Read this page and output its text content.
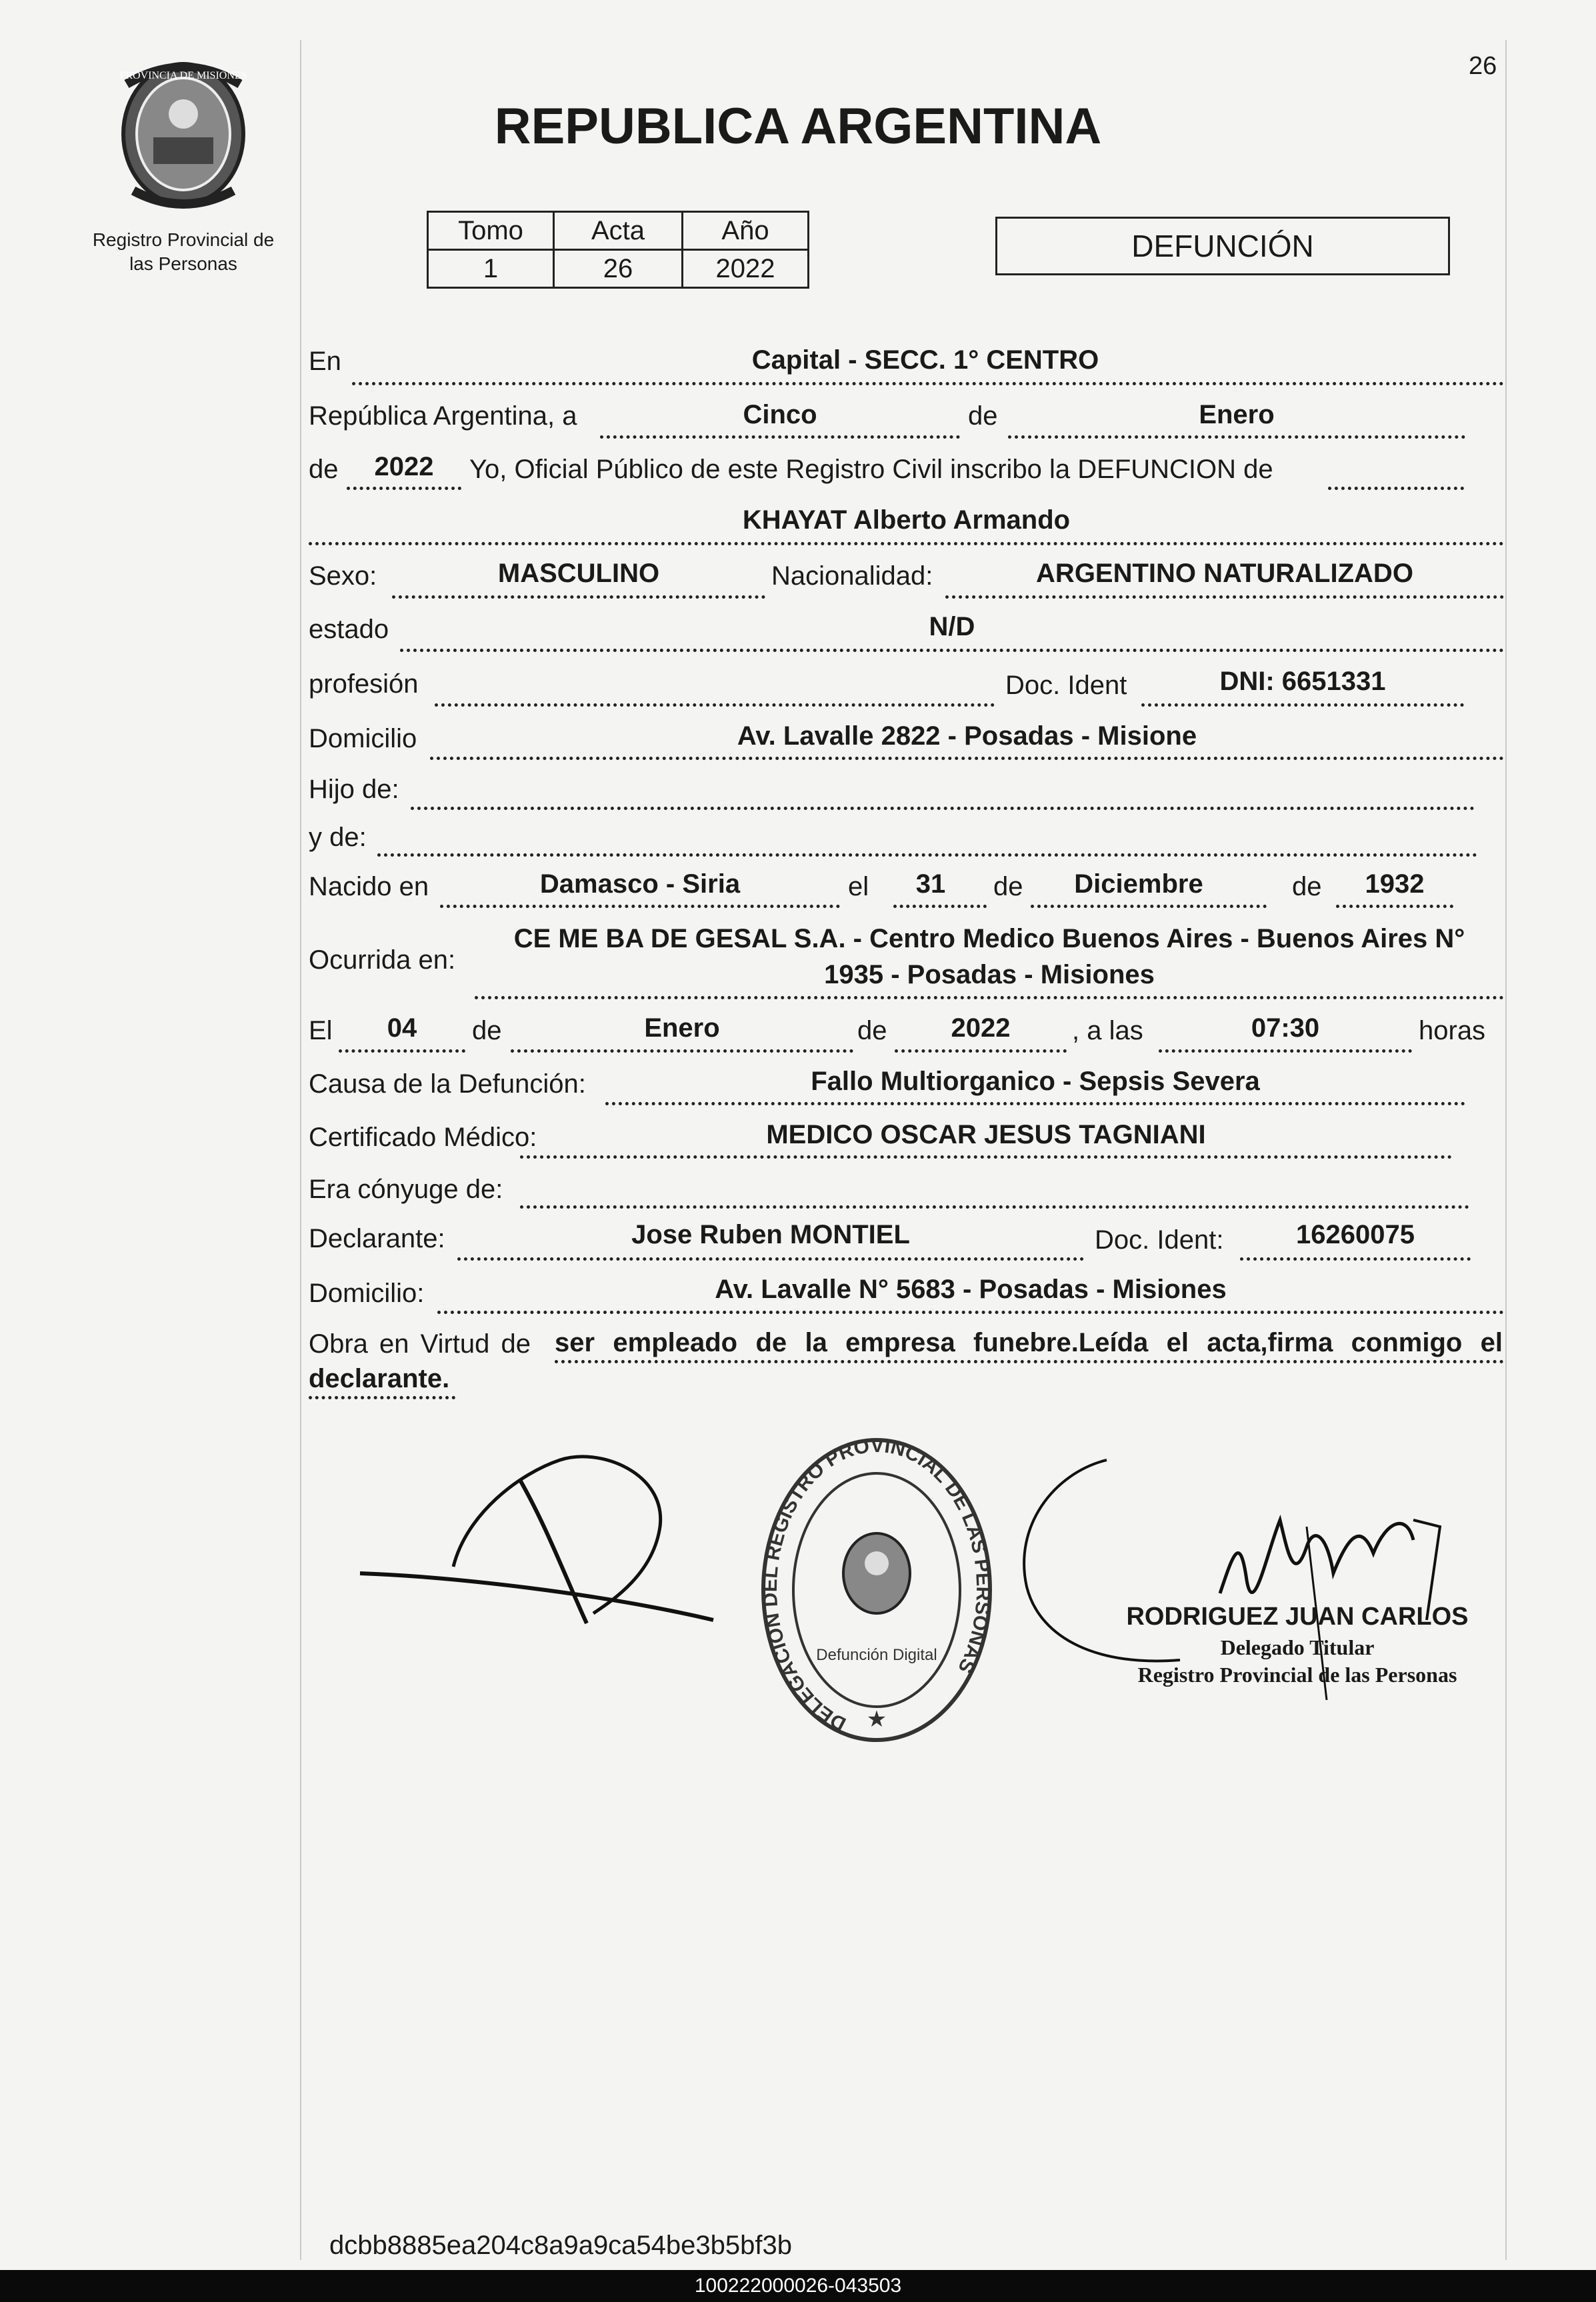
26
PROVINCIA DE MISIONES
Registro Provincial de
las Personas
REPUBLICA ARGENTINA
Tomo	Acta	Año
1	26	2022
DEFUNCIÓN
En	Capital - SECC. 1° CENTRO
República Argentina, a	Cinco	de	Enero
de	2022	Yo, Oficial Público de este Registro Civil inscribo la DEFUNCION de
KHAYAT Alberto Armando
Sexo:	MASCULINO	Nacionalidad:	ARGENTINO NATURALIZADO
estado	N/D
profesión	Doc. Ident	DNI: 6651331
Domicilio	Av. Lavalle 2822 - Posadas - Misione
Hijo de:
y de:
Nacido en	Damasco - Siria	el	31	de	Diciembre	de	1932
Ocurrida en:
CE ME BA DE GESAL S.A. - Centro Medico Buenos Aires - Buenos Aires N°
1935 - Posadas - Misiones
El	04	de	Enero	de	2022	, a las	07:30	horas
Causa de la Defunción:	Fallo Multiorganico - Sepsis Severa
Certificado Médico:	MEDICO OSCAR JESUS TAGNIANI
Era cónyuge de:
Declarante:	Jose Ruben MONTIEL	Doc. Ident:	16260075
Domicilio:	Av. Lavalle N° 5683 - Posadas - Misiones
Obra en Virtud de ser empleado de la empresa funebre.Leída el acta,firma conmigo el
declarante.
DELEGACION DEL REGISTRO PROVINCIAL DE LAS PERSONAS
Defunción Digital
★
RODRIGUEZ JUAN CARLOS
Delegado Titular
Registro Provincial de las Personas
dcbb8885ea204c8a9a9ca54be3b5bf3b
100222000026-043503
